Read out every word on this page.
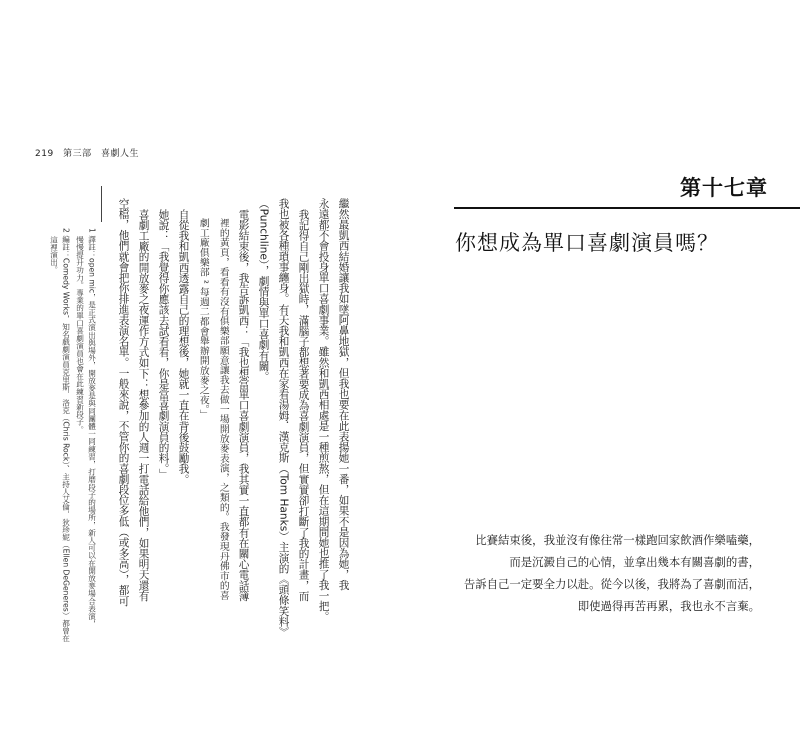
219 第三部 喜劇人生
繼然最凱西結婚讓我如墜阿鼻地獄，但我也要在此表揚她一番，如果不是因為她，我
永遠都不會投身單口喜劇事業。雖然和凱西相處是一種煎熬，但在這期間她也推了我一把。
我記得自己剛出獄時，滿腦子都想著要成為喜劇演員，但實實卻打斷了我的計畫，而
我也被各種瑣事纏身。有天我和凱西在家看湯姆．漢克斯（Tom Hanks）主演的《頭條笑料》
（Punchline），劇情與單口喜劇有關。
電影結束後，我告訴凱西：「我也想當單口喜劇演員，我其實一直都有在關心電話簿
裡的黃頁，看看有沒有俱樂部願意讓我去做一場開放麥表演，之類的。我發現丹佛市的喜
劇工廠俱樂部 ² 每週二都會舉辦開放麥之夜。」
自從我和凱西透露自己的理想後，她就一直在背後鼓勵我。
她說：「我覺得你應該去試看看，你是當喜劇演員的料。」
喜劇工廠的開放麥之夜運作方式如下：想參加的人週一打電話給他們，如果明天還有
空檔，他們就會把你排進表演名單。一般來說，不管你的喜劇段位多低（或多高），都可
1 譯註：open mic，是正式演出與場外，開放麥是與同團體一同練習，打磨段子的場所，新人可以在開放麥場合表演，
　慢慢提升功力。專業的單口喜劇演員也會在此練習新段子。
2 編註：Comedy Works，知名戲劇演員克里斯．洛克（Chris Rock）、主持人艾倫．狄珍妮（Ellen DeGeneres）都曾在
　這裡演出。
第十七章
你想成為單口喜劇演員嗎？
比賽結束後，我並沒有像往常一樣跑回家飲酒作樂嗑藥，
而是沉澱自己的心情，並拿出幾本有關喜劇的書，
告訴自己一定要全力以赴。從今以後，我將為了喜劇而活，
即使過得再苦再累，我也永不言棄。
